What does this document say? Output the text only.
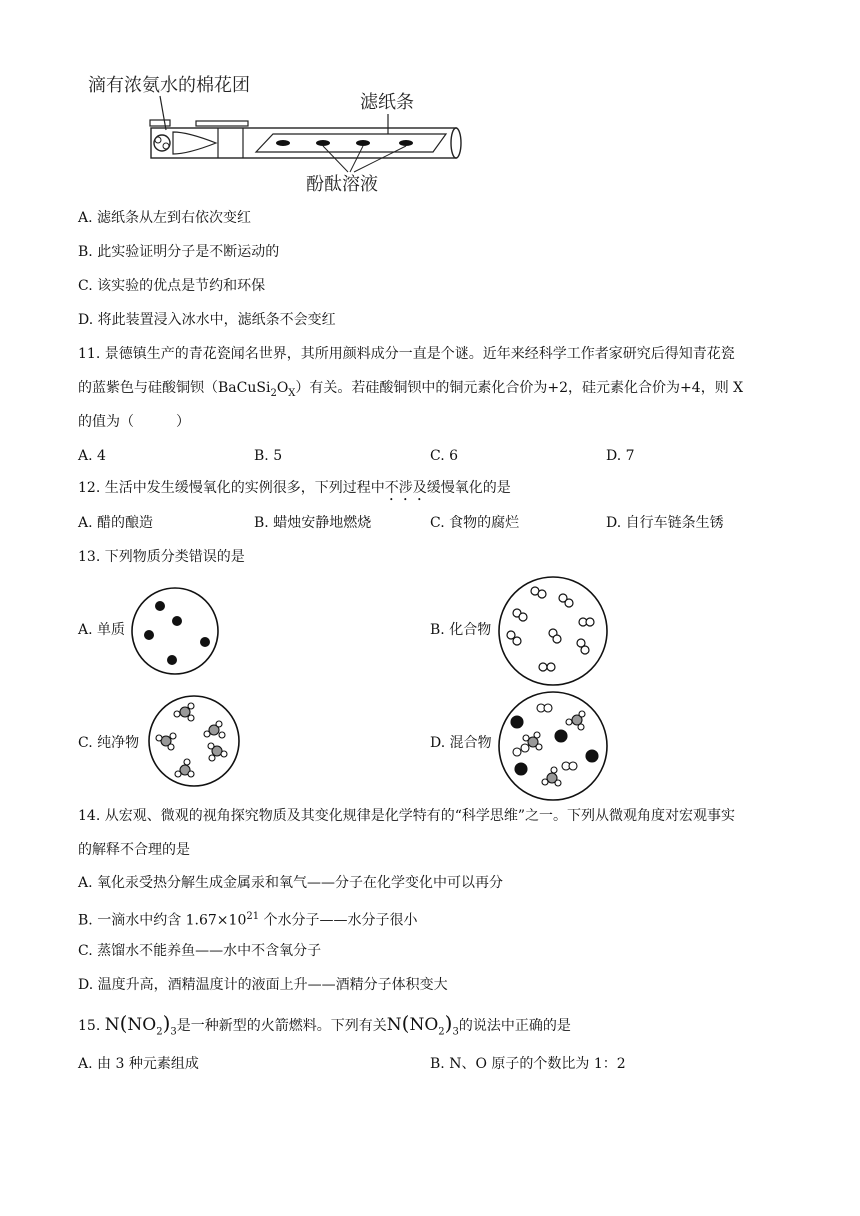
滴有浓氨水的棉花团
滤纸条
酚酞溶液
A. 滤纸条从左到右依次变红
B. 此实验证明分子是不断运动的
C. 该实验的优点是节约和环保
D. 将此装置浸入冰水中，滤纸条不会变红
11. 景德镇生产的青花瓷闻名世界，其所用颜料成分一直是个谜。近年来经科学工作者家研究后得知青花瓷
的蓝紫色与硅酸铜钡$(BaCuSi_2O_X)$有关。若硅酸铜钡中的铜元素化合价为+2，硅元素化合价为+4，则 X
的值为（　　　）
A. 4	B. 5	C. 6	D. 7
12. 生活中发生缓慢氧化的实例很多，下列过程中不涉及缓慢氧化的是
A. 醋的酿造	B. 蜡烛安静地燃烧	C. 食物的腐烂	D. 自行车链条生锈
13. 下列物质分类错误的是
A. 单质	B. 化合物
C. 纯净物	D. 混合物
14. 从宏观、微观的视角探究物质及其变化规律是化学特有的“科学思维”之一。下列从微观角度对宏观事实
的解释不合理的是
A. 氧化汞受热分解生成金属汞和氧气——分子在化学变化中可以再分
B. 一滴水中约含 $1.67\times 10^{21}$ 个水分子——水分子很小
C. 蒸馏水不能养鱼——水中不含氧分子
D. 温度升高，酒精温度计的液面上升——酒精分子体积变大
15. $N(NO_2)_3$是一种新型的火箭燃料。下列有关$N(NO_2)_3$的说法中正确的是
A. 由 3 种元素组成	B. N、O 原子的个数比为 1：2
